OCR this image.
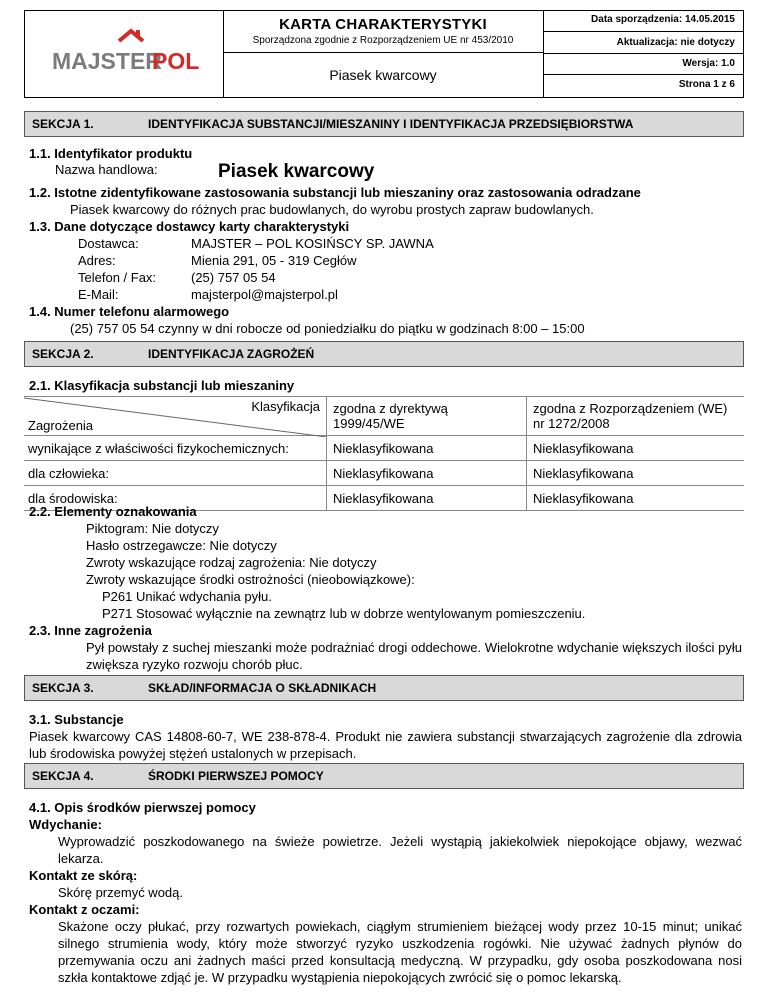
MAJSTER
POL
KARTA CHARAKTERYSTYKI
Sporządzona zgodnie z Rozporządzeniem UE nr 453/2010
Piasek kwarcowy
Data sporządzenia: 14.05.2015
Aktualizacja: nie dotyczy
Wersja: 1.0
Strona 1 z 6
SEKCJA 1.	IDENTYFIKACJA SUBSTANCJI/MIESZANINY I IDENTYFIKACJA PRZEDSIĘBIORSTWA
1.1. Identyfikator produktu
Nazwa handlowa:	Piasek kwarcowy
1.2. Istotne zidentyfikowane zastosowania substancji lub mieszaniny oraz zastosowania odradzane
Piasek kwarcowy do różnych prac budowlanych, do wyrobu prostych zapraw budowlanych.
1.3. Dane dotyczące dostawcy karty charakterystyki
Dostawca:	MAJSTER – POL KOSIŃSCY SP. JAWNA
Adres:	Mienia 291, 05 - 319 Cegłów
Telefon / Fax:	(25) 757 05 54
E-Mail:	majsterpol@majsterpol.pl
1.4. Numer telefonu alarmowego
(25) 757 05 54 czynny w dni robocze od poniedziałku do piątku w godzinach 8:00 – 15:00
SEKCJA 2.	IDENTYFIKACJA ZAGROŻEŃ
2.1. Klasyfikacja substancji lub mieszaniny
Klasyfikacja
Zagrożenia	zgodna z dyrektywą 1999/45/WE	zgodna z Rozporządzeniem (WE) nr 1272/2008
wynikające z właściwości fizykochemicznych:	Nieklasyfikowana	Nieklasyfikowana
dla człowieka:	Nieklasyfikowana	Nieklasyfikowana
dla środowiska:	Nieklasyfikowana	Nieklasyfikowana
2.2. Elementy oznakowania
Piktogram: Nie dotyczy
Hasło ostrzegawcze: Nie dotyczy
Zwroty wskazujące rodzaj zagrożenia: Nie dotyczy
Zwroty wskazujące środki ostrożności (nieobowiązkowe):
P261 Unikać wdychania pyłu.
P271 Stosować wyłącznie na zewnątrz lub w dobrze wentylowanym pomieszczeniu.
2.3. Inne zagrożenia
Pył powstały z suchej mieszanki może podrażniać drogi oddechowe. Wielokrotne wdychanie większych ilości pyłu zwiększa ryzyko rozwoju chorób płuc.
SEKCJA 3.	SKŁAD/INFORMACJA O SKŁADNIKACH
3.1. Substancje
Piasek kwarcowy CAS 14808-60-7, WE 238-878-4. Produkt nie zawiera substancji stwarzających zagrożenie dla zdrowia lub środowiska powyżej stężeń ustalonych w przepisach.
SEKCJA 4.	ŚRODKI PIERWSZEJ POMOCY
4.1. Opis środków pierwszej pomocy
Wdychanie:
Wyprowadzić poszkodowanego na świeże powietrze. Jeżeli wystąpią jakiekolwiek niepokojące objawy, wezwać lekarza.
Kontakt ze skórą:
Skórę przemyć wodą.
Kontakt z oczami:
Skażone oczy płukać, przy rozwartych powiekach, ciągłym strumieniem bieżącej wody przez 10-15 minut; unikać silnego strumienia wody, który może stworzyć ryzyko uszkodzenia rogówki. Nie używać żadnych płynów do przemywania oczu ani żadnych maści przed konsultacją medyczną. W przypadku, gdy osoba poszkodowana nosi szkła kontaktowe zdjąć je. W przypadku wystąpienia niepokojących zwrócić się o pomoc lekarską.
